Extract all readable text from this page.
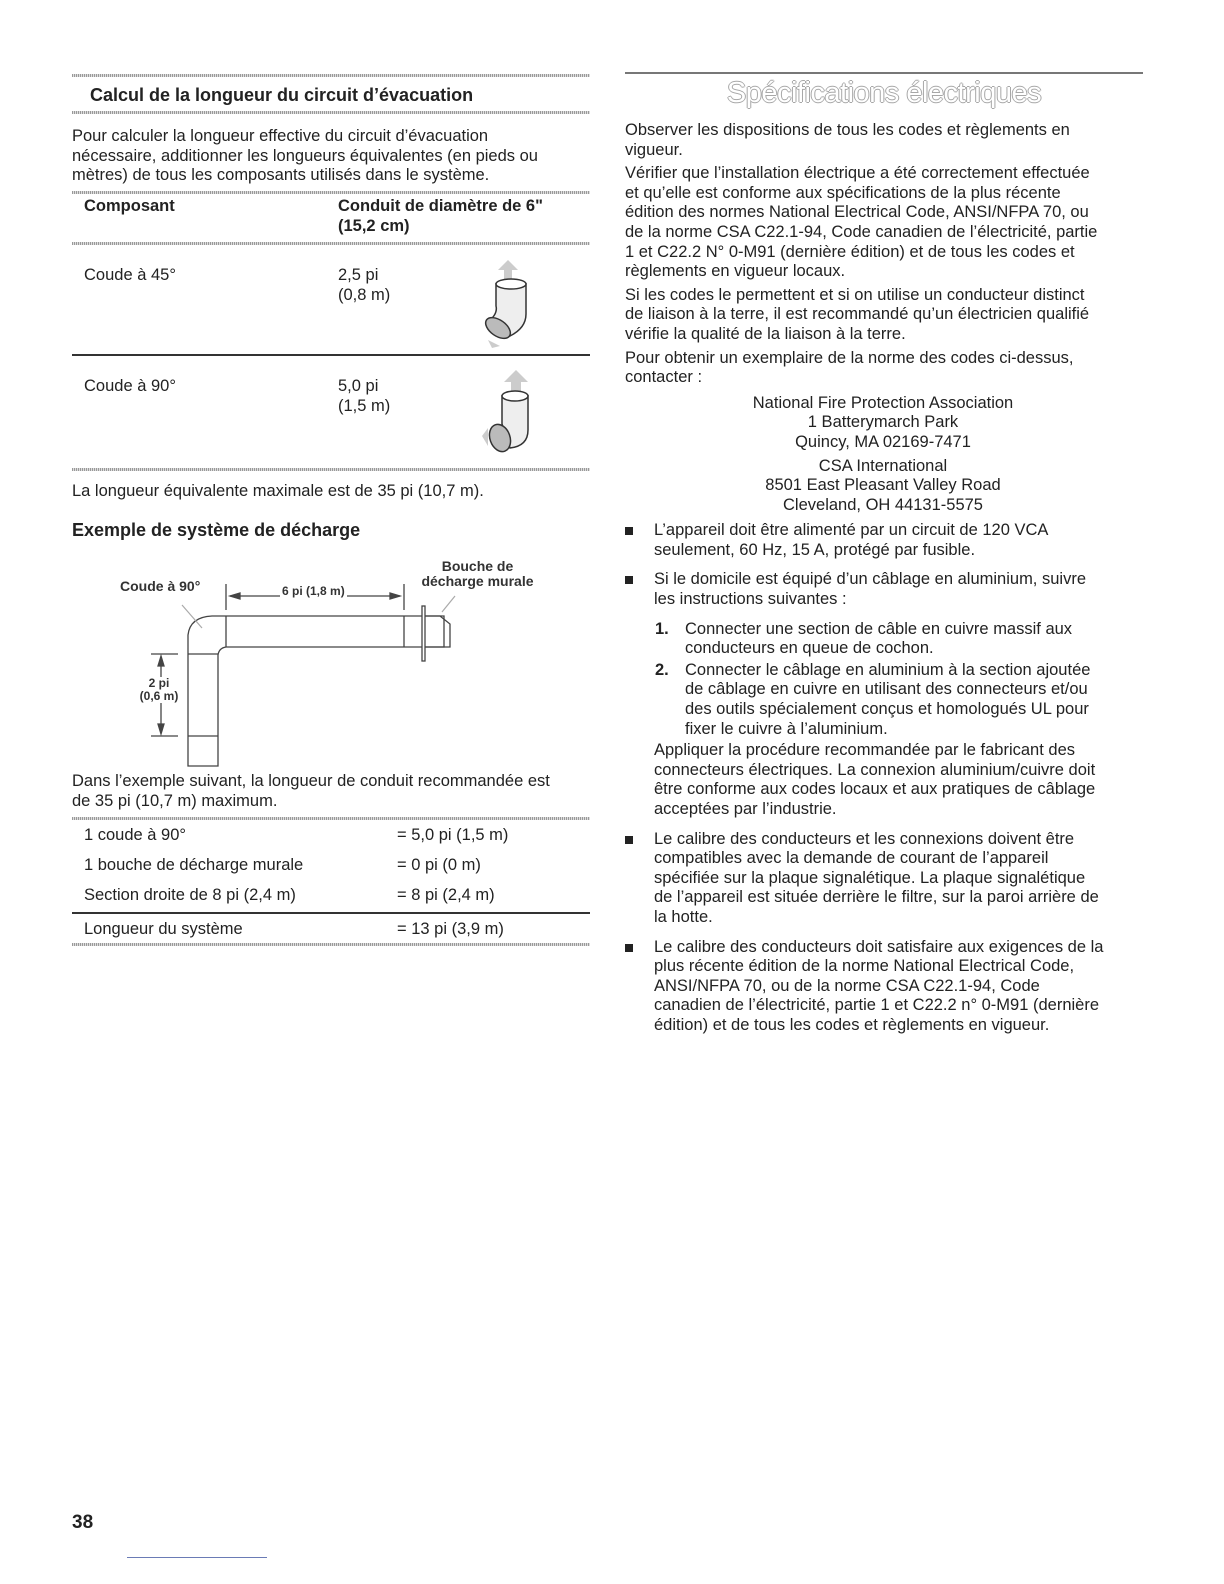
Calcul de la longueur du circuit d’évacuation
Pour calculer la longueur effective du circuit d’évacuation
nécessaire, additionner les longueurs équivalentes (en pieds ou
mètres) de tous les composants utilisés dans le système.
Composant	Conduit de diamètre de 6"
(15,2 cm)
Coude à 45°	2,5 pi
(0,8 m)
Coude à 90°	5,0 pi
(1,5 m)
La longueur équivalente maximale est de 35 pi (10,7 m).
Exemple de système de décharge
Coude à 90°
Bouche de
décharge murale
6 pi (1,8 m)
2 pi
(0,6 m)
Dans l’exemple suivant, la longueur de conduit recommandée est
de 35 pi (10,7 m) maximum.
1 coude à 90°	= 5,0 pi (1,5 m)
1 bouche de décharge murale	= 0 pi (0 m)
Section droite de 8 pi (2,4 m)	= 8 pi (2,4 m)
Longueur du système	= 13 pi (3,9 m)
Spécifications électriques
Observer les dispositions de tous les codes et règlements en
vigueur.
Vérifier que l’installation électrique a été correctement effectuée
et qu’elle est conforme aux spécifications de la plus récente
édition des normes National Electrical Code, ANSI/NFPA 70, ou
de la norme CSA C22.1-94, Code canadien de l’électricité, partie
1 et C22.2 N° 0-M91 (dernière édition) et de tous les codes et
règlements en vigueur locaux.
Si les codes le permettent et si on utilise un conducteur distinct
de liaison à la terre, il est recommandé qu’un électricien qualifié
vérifie la qualité de la liaison à la terre.
Pour obtenir un exemplaire de la norme des codes ci-dessus,
contacter :
National Fire Protection Association
1 Batterymarch Park
Quincy, MA 02169-7471
CSA International
8501 East Pleasant Valley Road
Cleveland, OH 44131-5575
L’appareil doit être alimenté par un circuit de 120 VCA
seulement, 60 Hz, 15 A, protégé par fusible.
Si le domicile est équipé d’un câblage en aluminium, suivre
les instructions suivantes :
1. Connecter une section de câble en cuivre massif aux
conducteurs en queue de cochon.
2. Connecter le câblage en aluminium à la section ajoutée
de câblage en cuivre en utilisant des connecteurs et/ou
des outils spécialement conçus et homologués UL pour
fixer le cuivre à l’aluminium.
Appliquer la procédure recommandée par le fabricant des
connecteurs électriques. La connexion aluminium/cuivre doit
être conforme aux codes locaux et aux pratiques de câblage
acceptées par l’industrie.
Le calibre des conducteurs et les connexions doivent être
compatibles avec la demande de courant de l’appareil
spécifiée sur la plaque signalétique. La plaque signalétique
de l’appareil est située derrière le filtre, sur la paroi arrière de
la hotte.
Le calibre des conducteurs doit satisfaire aux exigences de la
plus récente édition de la norme National Electrical Code,
ANSI/NFPA 70, ou de la norme CSA C22.1-94, Code
canadien de l’électricité, partie 1 et C22.2 n° 0-M91 (dernière
édition) et de tous les codes et règlements en vigueur.
38
